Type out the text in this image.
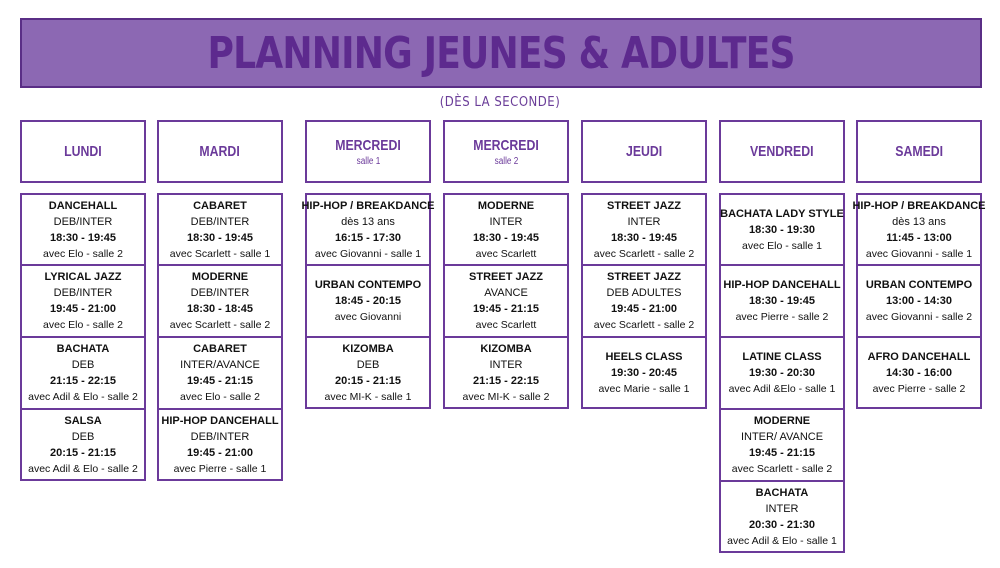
PLANNING JEUNES & ADULTES
(DÈS LA SECONDE)
LUNDI
DANCEHALL
DEB/INTER
18:30 - 19:45
avec Elo - salle 2
LYRICAL JAZZ
DEB/INTER
19:45 - 21:00
avec Elo - salle 2
BACHATA
DEB
21:15 - 22:15
avec Adil & Elo - salle 2
SALSA
DEB
20:15 - 21:15
avec Adil & Elo - salle 2
MARDI
CABARET
DEB/INTER
18:30 - 19:45
avec Scarlett - salle 1
MODERNE
DEB/INTER
18:30 - 18:45
avec Scarlett - salle 2
CABARET
INTER/AVANCE
19:45 - 21:15
avec Elo - salle 2
HIP-HOP DANCEHALL
DEB/INTER
19:45 - 21:00
avec Pierre - salle 1
MERCREDI
salle 1
HIP-HOP / BREAKDANCE
dès 13 ans
16:15 - 17:30
avec Giovanni - salle 1
URBAN CONTEMPO
18:45 - 20:15
avec Giovanni
KIZOMBA
DEB
20:15 - 21:15
avec MI-K - salle 1
MERCREDI
salle 2
MODERNE
INTER
18:30 - 19:45
avec Scarlett
STREET JAZZ
AVANCE
19:45 - 21:15
avec Scarlett
KIZOMBA
INTER
21:15 - 22:15
avec MI-K - salle 2
JEUDI
STREET JAZZ
INTER
18:30 - 19:45
avec Scarlett - salle 2
STREET JAZZ
DEB ADULTES
19:45 - 21:00
avec Scarlett - salle 2
HEELS CLASS
19:30 - 20:45
avec Marie - salle 1
VENDREDI
BACHATA LADY STYLE
18:30 - 19:30
avec Elo - salle 1
HIP-HOP DANCEHALL
18:30 - 19:45
avec Pierre - salle 2
LATINE CLASS
19:30 - 20:30
avec Adil &Elo - salle 1
MODERNE
INTER/ AVANCE
19:45 - 21:15
avec Scarlett - salle 2
BACHATA
INTER
20:30 - 21:30
avec Adil & Elo - salle 1
SAMEDI
HIP-HOP / BREAKDANCE
dès 13 ans
11:45 - 13:00
avec Giovanni - salle 1
URBAN CONTEMPO
13:00 - 14:30
avec Giovanni - salle 2
AFRO DANCEHALL
14:30 - 16:00
avec Pierre - salle 2
